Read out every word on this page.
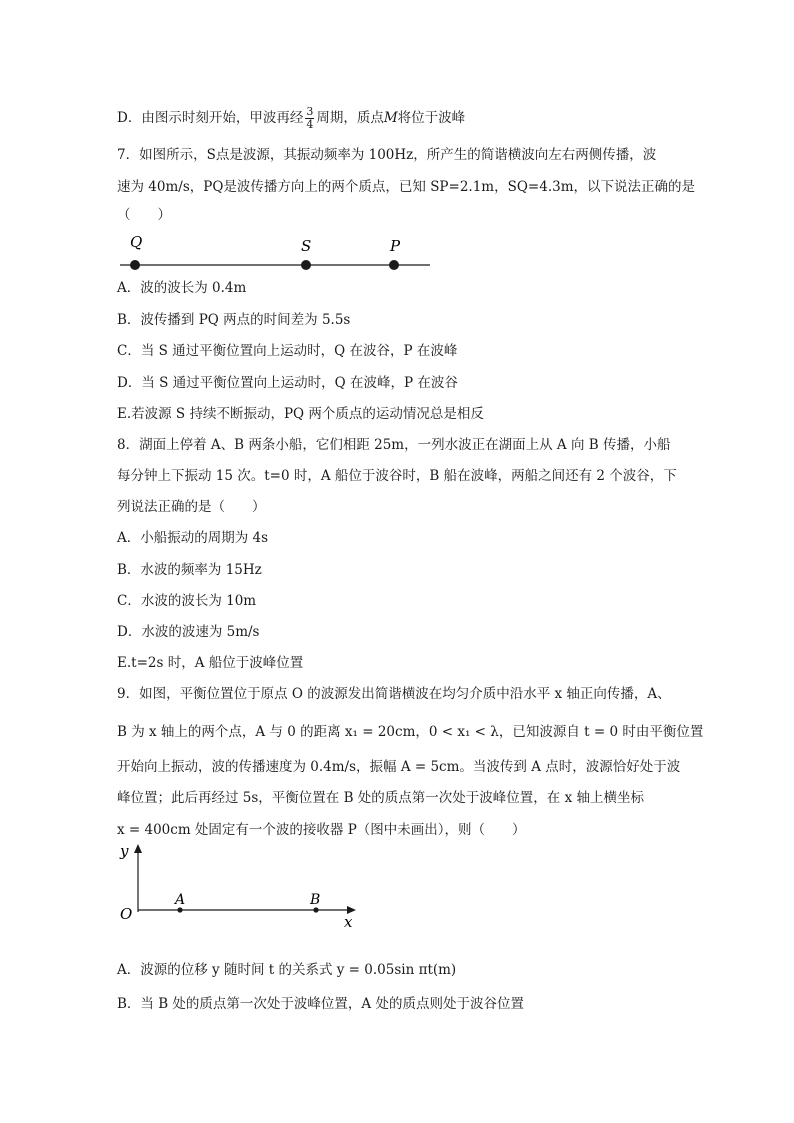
D．由图示时刻开始，甲波再经 $\frac{3}{4}$ 周期，质点M将位于波峰
7．如图所示，S点是波源，其振动频率为 100Hz，所产生的简谐横波向左右两侧传播，波
速为 40m/s，PQ是波传播方向上的两个质点，已知 SP=2.1m，SQ=4.3m，以下说法正确的是
（　　）
Q	S	P
A．波的波长为 0.4m
B．波传播到 PQ 两点的时间差为 5.5s
C．当 S 通过平衡位置向上运动时，Q 在波谷，P 在波峰
D．当 S 通过平衡位置向上运动时，Q 在波峰，P 在波谷
E.若波源 S 持续不断振动，PQ 两个质点的运动情况总是相反
8．湖面上停着 A、B 两条小船，它们相距 25m，一列水波正在湖面上从 A 向 B 传播，小船
每分钟上下振动 15 次。t=0 时，A 船位于波谷时，B 船在波峰，两船之间还有 2 个波谷，下
列说法正确的是（　　）
A．小船振动的周期为 4s
B．水波的频率为 15Hz
C．水波的波长为 10m
D．水波的波速为 5m/s
E.t=2s 时，A 船位于波峰位置
9．如图，平衡位置位于原点 O 的波源发出简谐横波在均匀介质中沿水平 x 轴正向传播，A、
B 为 x 轴上的两个点，A 与 0 的距离 x₁ = 20cm，0 < x₁ < λ，已知波源自 t = 0 时由平衡位置
开始向上振动，波的传播速度为 0.4m/s，振幅 A = 5cm。当波传到 A 点时，波源恰好处于波
峰位置；此后再经过 5s，平衡位置在 B 处的质点第一次处于波峰位置，在 x 轴上横坐标
x = 400cm 处固定有一个波的接收器 P（图中未画出），则（　　）
y
O
A	B
x
A．波源的位移 y 随时间 t 的关系式 y = 0.05sin πt(m)
B．当 B 处的质点第一次处于波峰位置，A 处的质点则处于波谷位置
